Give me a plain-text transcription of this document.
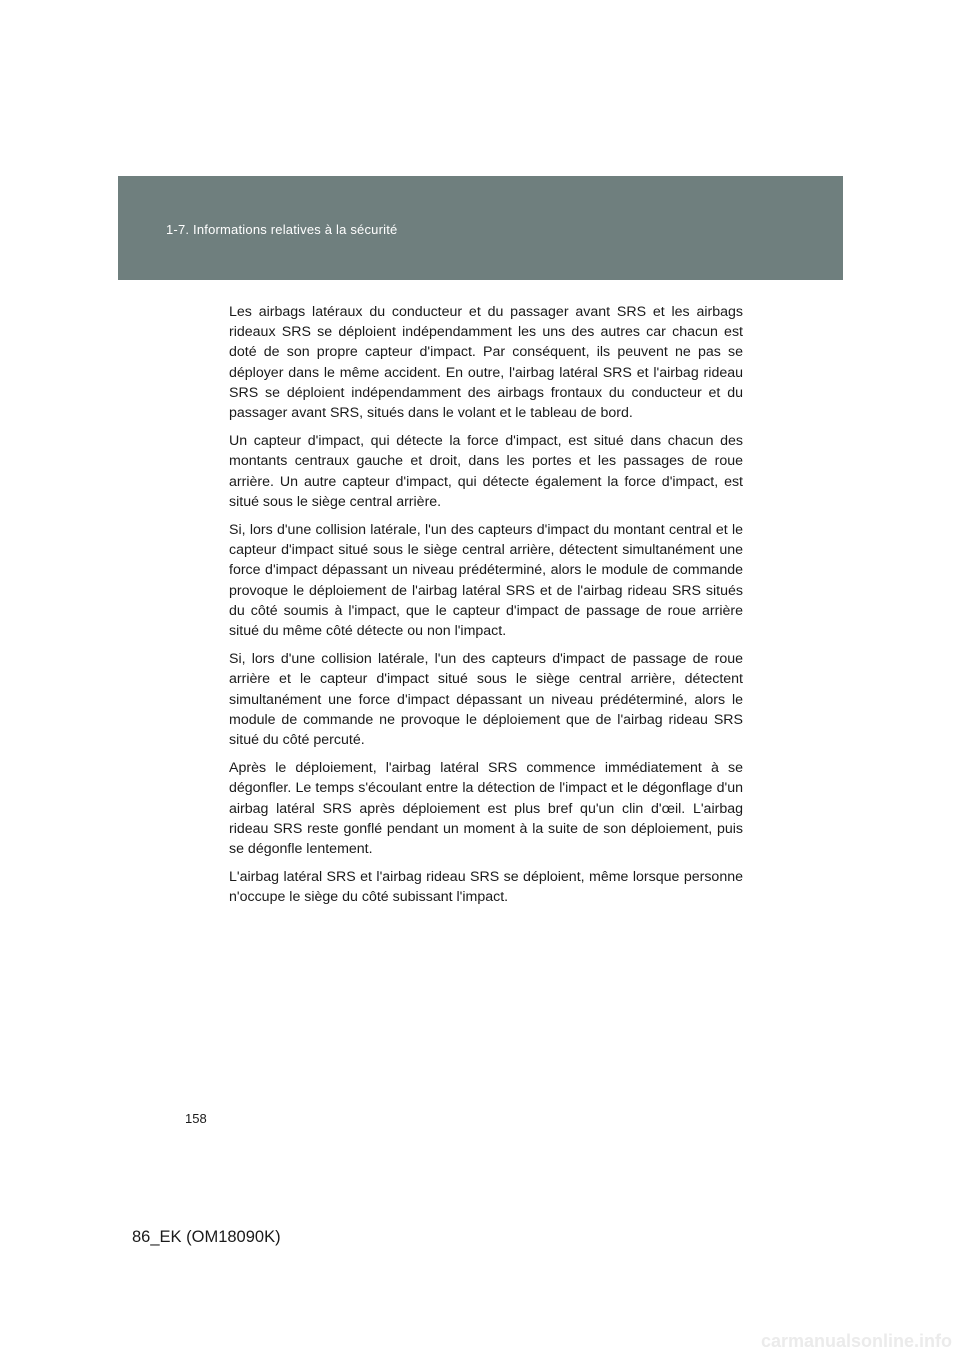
1-7. Informations relatives à la sécurité

Les airbags latéraux du conducteur et du passager avant SRS et les airbags rideaux SRS se déploient indépendamment les uns des autres car chacun est doté de son propre capteur d'impact. Par conséquent, ils peuvent ne pas se déployer dans le même accident. En outre, l'airbag latéral SRS et l'airbag rideau SRS se déploient indépendamment des airbags frontaux du conducteur et du passager avant SRS, situés dans le volant et le tableau de bord.

Un capteur d'impact, qui détecte la force d'impact, est situé dans chacun des montants centraux gauche et droit, dans les portes et les passages de roue arrière. Un autre capteur d'impact, qui détecte également la force d'impact, est situé sous le siège central arrière.

Si, lors d'une collision latérale, l'un des capteurs d'impact du montant central et le capteur d'impact situé sous le siège central arrière, détectent simultanément une force d'impact dépassant un niveau prédéterminé, alors le module de commande provoque le déploiement de l'airbag latéral SRS et de l'airbag rideau SRS situés du côté soumis à l'impact, que le capteur d'impact de passage de roue arrière situé du même côté détecte ou non l'impact.

Si, lors d'une collision latérale, l'un des capteurs d'impact de passage de roue arrière et le capteur d'impact situé sous le siège central arrière, détectent simultanément une force d'impact dépassant un niveau prédéterminé, alors le module de commande ne provoque le déploiement que de l'airbag rideau SRS situé du côté percuté.

Après le déploiement, l'airbag latéral SRS commence immédiatement à se dégonfler. Le temps s'écoulant entre la détection de l'impact et le dégonflage d'un airbag latéral SRS après déploiement est plus bref qu'un clin d'œil. L'airbag rideau SRS reste gonflé pendant un moment à la suite de son déploiement, puis se dégonfle lentement.

L'airbag latéral SRS et l'airbag rideau SRS se déploient, même lorsque personne n'occupe le siège du côté subissant l'impact.

158
86_EK (OM18090K)
carmanualsonline.info
